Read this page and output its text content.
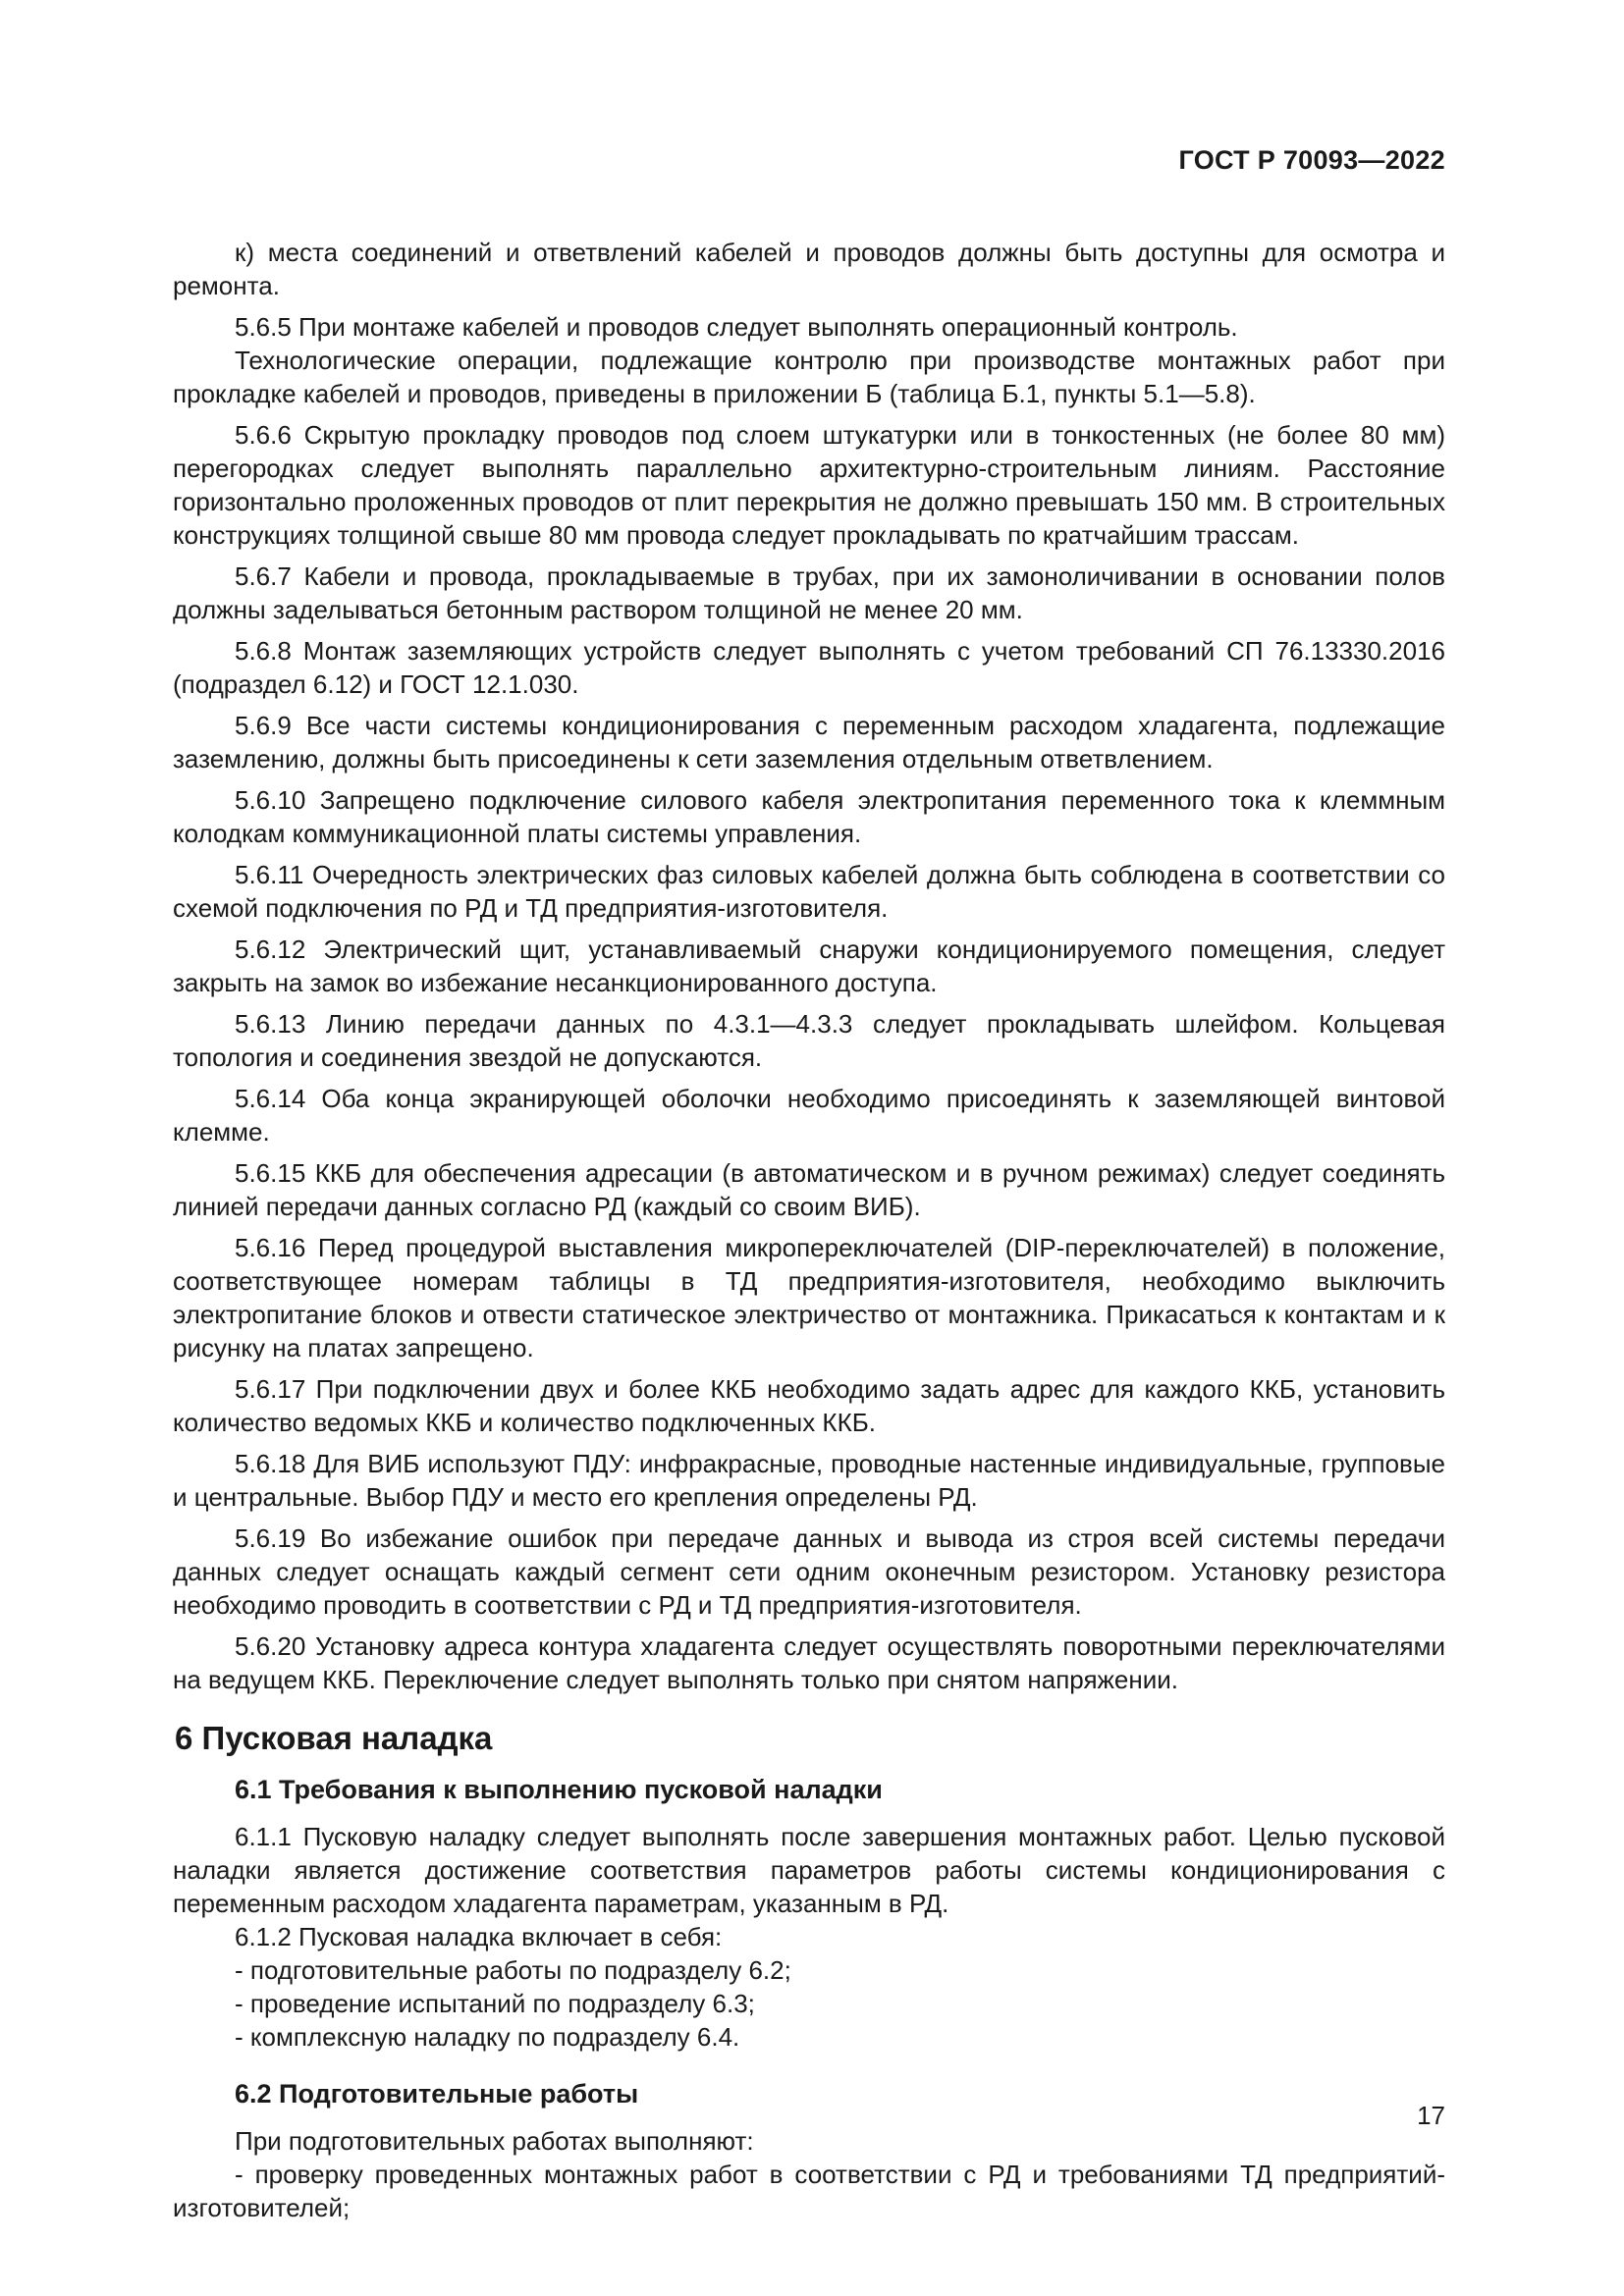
ГОСТ Р 70093—2022

к) места соединений и ответвлений кабелей и проводов должны быть доступны для осмотра и ремонта.

5.6.5 При монтаже кабелей и проводов следует выполнять операционный контроль.

Технологические операции, подлежащие контролю при производстве монтажных работ при прокладке кабелей и проводов, приведены в приложении Б (таблица Б.1, пункты 5.1—5.8).

5.6.6 Скрытую прокладку проводов под слоем штукатурки или в тонкостенных (не более 80 мм) перегородках следует выполнять параллельно архитектурно-строительным линиям. Расстояние горизонтально проложенных проводов от плит перекрытия не должно превышать 150 мм. В строительных конструкциях толщиной свыше 80 мм провода следует прокладывать по кратчайшим трассам.

5.6.7 Кабели и провода, прокладываемые в трубах, при их замоноличивании в основании полов должны заделываться бетонным раствором толщиной не менее 20 мм.

5.6.8 Монтаж заземляющих устройств следует выполнять с учетом требований СП 76.13330.2016 (подраздел 6.12) и ГОСТ 12.1.030.

5.6.9 Все части системы кондиционирования с переменным расходом хладагента, подлежащие заземлению, должны быть присоединены к сети заземления отдельным ответвлением.

5.6.10 Запрещено подключение силового кабеля электропитания переменного тока к клеммным колодкам коммуникационной платы системы управления.

5.6.11 Очередность электрических фаз силовых кабелей должна быть соблюдена в соответствии со схемой подключения по РД и ТД предприятия-изготовителя.

5.6.12 Электрический щит, устанавливаемый снаружи кондиционируемого помещения, следует закрыть на замок во избежание несанкционированного доступа.

5.6.13 Линию передачи данных по 4.3.1—4.3.3 следует прокладывать шлейфом. Кольцевая топология и соединения звездой не допускаются.

5.6.14 Оба конца экранирующей оболочки необходимо присоединять к заземляющей винтовой клемме.

5.6.15 ККБ для обеспечения адресации (в автоматическом и в ручном режимах) следует соединять линией передачи данных согласно РД (каждый со своим ВИБ).

5.6.16 Перед процедурой выставления микропереключателей (DIP-переключателей) в положение, соответствующее номерам таблицы в ТД предприятия-изготовителя, необходимо выключить электропитание блоков и отвести статическое электричество от монтажника. Прикасаться к контактам и к рисунку на платах запрещено.

5.6.17 При подключении двух и более ККБ необходимо задать адрес для каждого ККБ, установить количество ведомых ККБ и количество подключенных ККБ.

5.6.18 Для ВИБ используют ПДУ: инфракрасные, проводные настенные индивидуальные, групповые и центральные. Выбор ПДУ и место его крепления определены РД.

5.6.19 Во избежание ошибок при передаче данных и вывода из строя всей системы передачи данных следует оснащать каждый сегмент сети одним оконечным резистором. Установку резистора необходимо проводить в соответствии с РД и ТД предприятия-изготовителя.

5.6.20 Установку адреса контура хладагента следует осуществлять поворотными переключателями на ведущем ККБ. Переключение следует выполнять только при снятом напряжении.

6 Пусковая наладка
6.1 Требования к выполнению пусковой наладки

6.1.1 Пусковую наладку следует выполнять после завершения монтажных работ. Целью пусковой наладки является достижение соответствия параметров работы системы кондиционирования с переменным расходом хладагента параметрам, указанным в РД.

6.1.2 Пусковая наладка включает в себя:

- подготовительные работы по подразделу 6.2;

- проведение испытаний по подразделу 6.3;

- комплексную наладку по подразделу 6.4.

6.2 Подготовительные работы

При подготовительных работах выполняют:

- проверку проведенных монтажных работ в соответствии с РД и требованиями ТД предприятий-изготовителей;

17
